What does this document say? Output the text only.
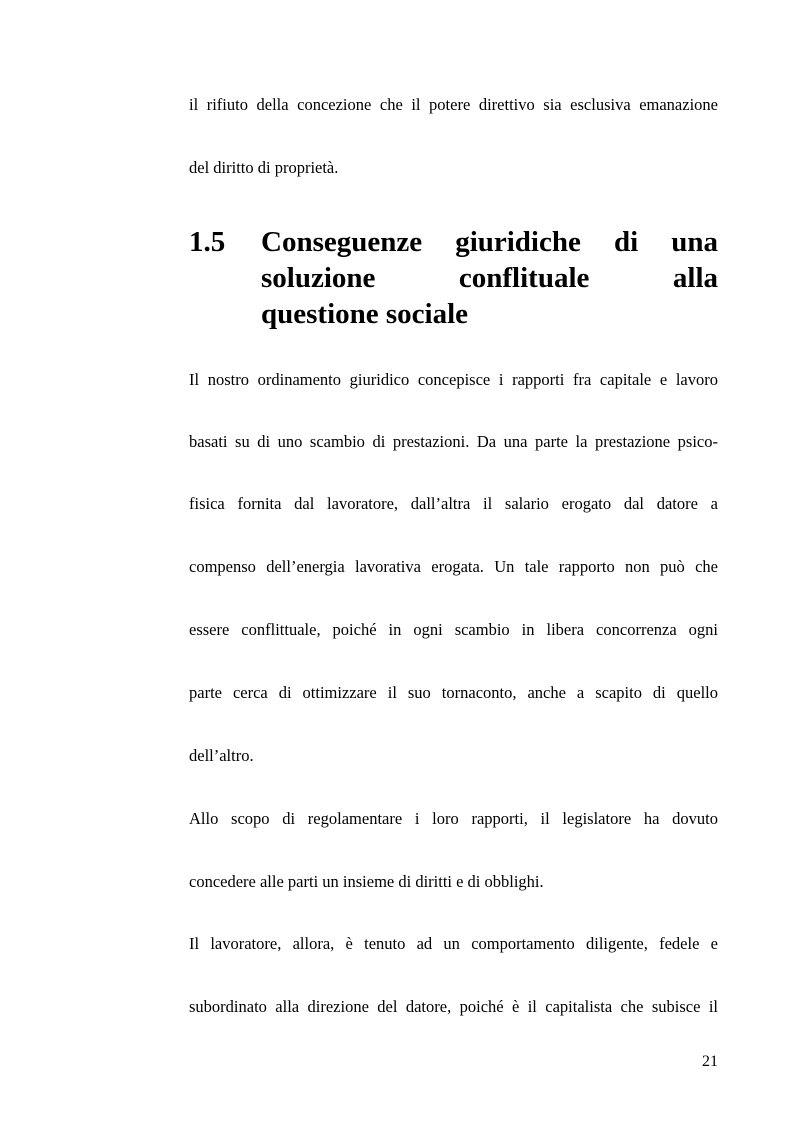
il rifiuto della concezione che il potere direttivo sia esclusiva emanazione
del diritto di proprietà.
1.5 Conseguenze giuridiche di una
soluzione conflituale alla
questione sociale
Il nostro ordinamento giuridico concepisce i rapporti fra capitale e lavoro
basati su di uno scambio di prestazioni. Da una parte la prestazione psico-
fisica fornita dal lavoratore, dall’altra il salario erogato dal datore a
compenso dell’energia lavorativa erogata. Un tale rapporto non può che
essere conflittuale, poiché in ogni scambio in libera concorrenza ogni
parte cerca di ottimizzare il suo tornaconto, anche a scapito di quello
dell’altro.
Allo scopo di regolamentare i loro rapporti, il legislatore ha dovuto
concedere alle parti un insieme di diritti e di obblighi.
Il lavoratore, allora, è tenuto ad un comportamento diligente, fedele e
subordinato alla direzione del datore, poiché è il capitalista che subisce il
21
